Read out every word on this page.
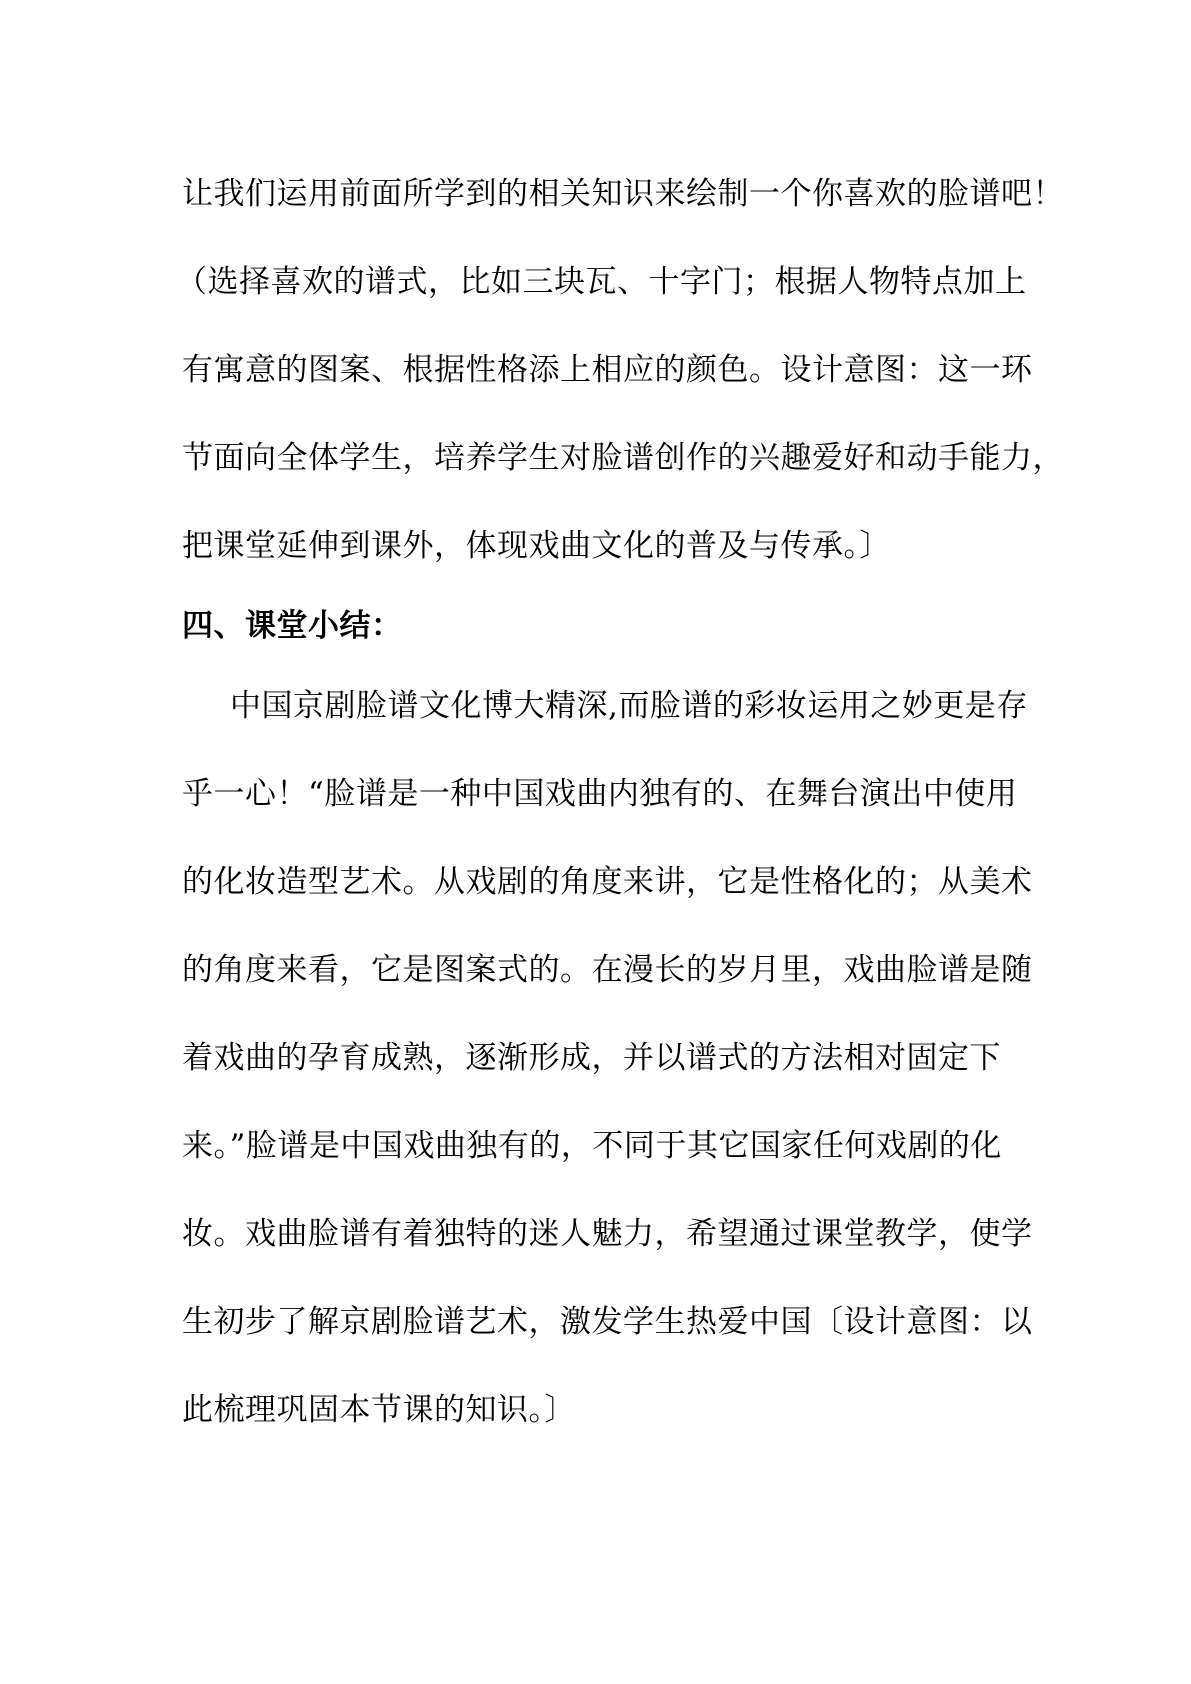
让我们运用前面所学到的相关知识来绘制一个你喜欢的脸谱吧！
（选择喜欢的谱式，比如三块瓦、十字门；根据人物特点加上
有寓意的图案、根据性格添上相应的颜色。设计意图：这一环
节面向全体学生，培养学生对脸谱创作的兴趣爱好和动手能力，
把课堂延伸到课外，体现戏曲文化的普及与传承。〕
四、课堂小结：
中国京剧脸谱文化博大精深,而脸谱的彩妆运用之妙更是存
乎一心！“脸谱是一种中国戏曲内独有的、在舞台演出中使用
的化妆造型艺术。从戏剧的角度来讲，它是性格化的；从美术
的角度来看，它是图案式的。在漫长的岁月里，戏曲脸谱是随
着戏曲的孕育成熟，逐渐形成，并以谱式的方法相对固定下
来。”脸谱是中国戏曲独有的，不同于其它国家任何戏剧的化
妆。戏曲脸谱有着独特的迷人魅力，希望通过课堂教学，使学
生初步了解京剧脸谱艺术，激发学生热爱中国〔设计意图：以
此梳理巩固本节课的知识。〕
